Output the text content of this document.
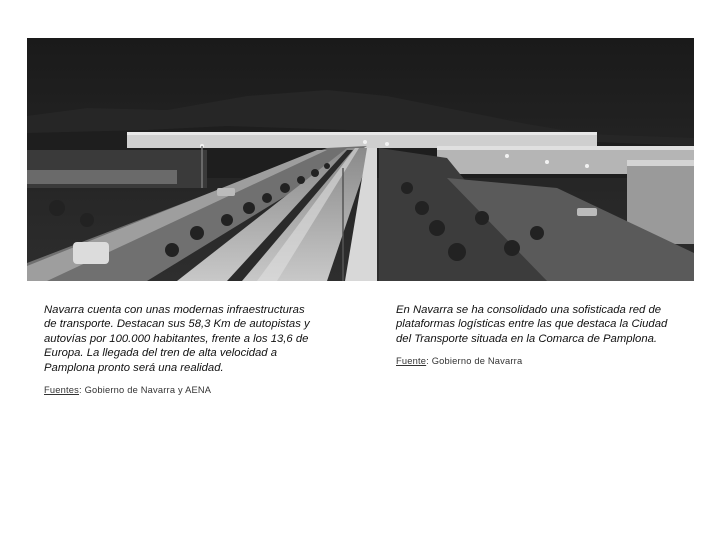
Navarra cuenta con unas modernas infraestructuras de transporte. Destacan sus 58,3 Km de autopistas y autovías por 100.000 habitantes, frente a los 13,6 de Europa. La llegada del tren de alta velocidad a Pamplona pronto será una realidad.

Fuentes: Gobierno de Navarra y AENA

En Navarra se ha consolidado una sofisticada red de plataformas logísticas entre las que destaca la Ciudad del Transporte situada en la Comarca de Pamplona.

Fuente: Gobierno de Navarra
